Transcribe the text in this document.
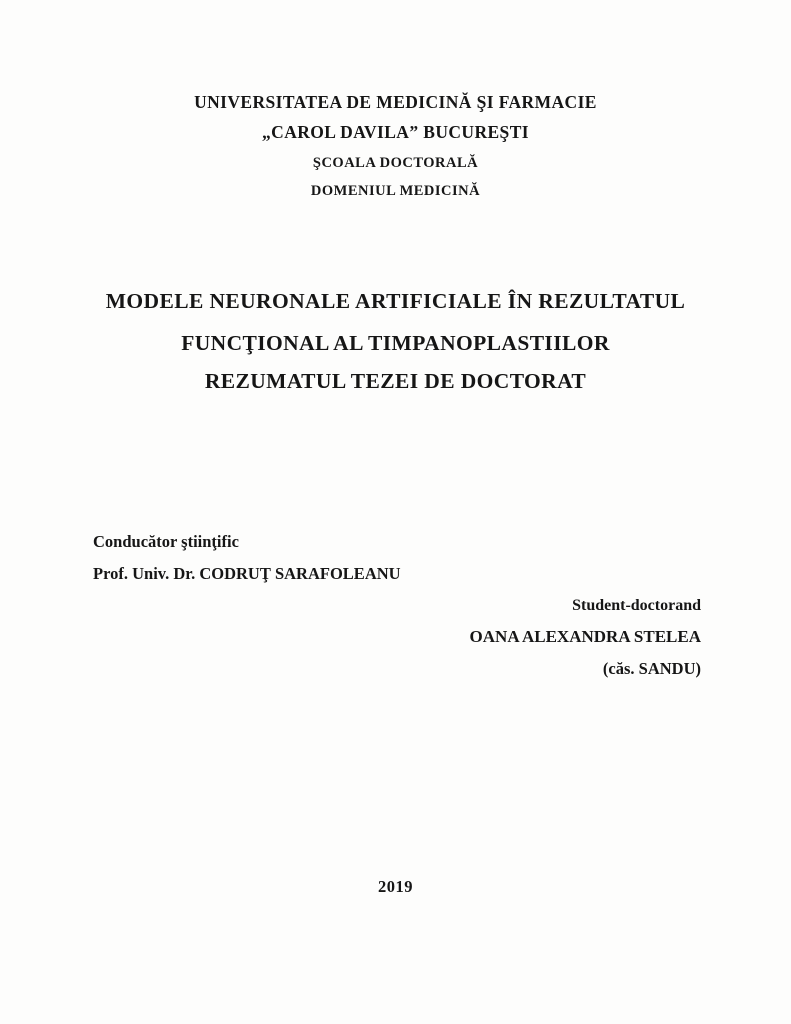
UNIVERSITATEA DE MEDICINĂ ŞI FARMACIE
„CAROL DAVILA” BUCUREŞTI
ŞCOALA DOCTORALĂ
DOMENIUL MEDICINĂ
MODELE NEURONALE ARTIFICIALE ÎN REZULTATUL
FUNCŢIONAL AL TIMPANOPLASTIILOR
REZUMATUL TEZEI DE DOCTORAT
Conducător ştiinţific
Prof. Univ. Dr. CODRUŢ SARAFOLEANU
Student-doctorand
OANA ALEXANDRA STELEA
(căs. SANDU)
2019
